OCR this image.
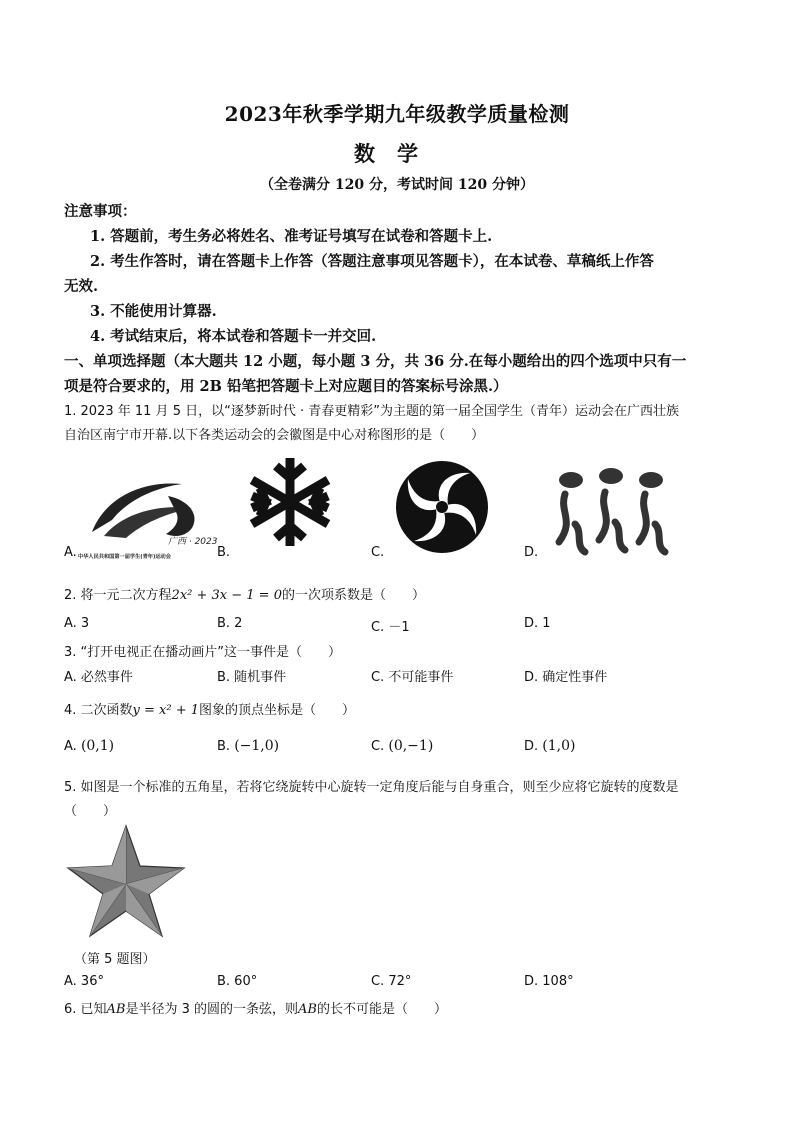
2023年秋季学期九年级教学质量检测
数学
（全卷满分 120 分，考试时间 120 分钟）
注意事项：
1. 答题前，考生务必将姓名、准考证号填写在试卷和答题卡上.
2. 考生作答时，请在答题卡上作答（答题注意事项见答题卡），在本试卷、草稿纸上作答
无效.
3. 不能使用计算器.
4. 考试结束后，将本试卷和答题卡一并交回.
一、单项选择题（本大题共 12 小题，每小题 3 分，共 36 分.在每小题给出的四个选项中只有一
项是符合要求的，用 2B 铅笔把答题卡上对应题目的答案标号涂黑.）
1. 2023 年 11 月 5 日，以“逐梦新时代 · 青春更精彩”为主题的第一届全国学生（青年）运动会在广西壮族
自治区南宁市开幕.以下各类运动会的会徽图是中心对称图形的是（　　）
广西 · 2023
中华人民共和国第一届学生(青年)运动会
A.	B.	C.	D.
2. 将一元二次方程2x² + 3x − 1 = 0的一次项系数是（　　）
A. 3	B. 2	C. －1	D. 1
3. “打开电视正在播动画片”这一事件是（　　）
A. 必然事件	B. 随机事件	C. 不可能事件	D. 确定性事件
4. 二次函数y = x² + 1图象的顶点坐标是（　　）
A. (0,1)	B. (−1,0)	C. (0,−1)	D. (1,0)
5. 如图是一个标准的五角星，若将它绕旋转中心旋转一定角度后能与自身重合，则至少应将它旋转的度数是
（　　）
（第 5 题图）
A. 36°	B. 60°	C. 72°	D. 108°
6. 已知AB是半径为 3 的圆的一条弦，则AB的长不可能是（　　）
